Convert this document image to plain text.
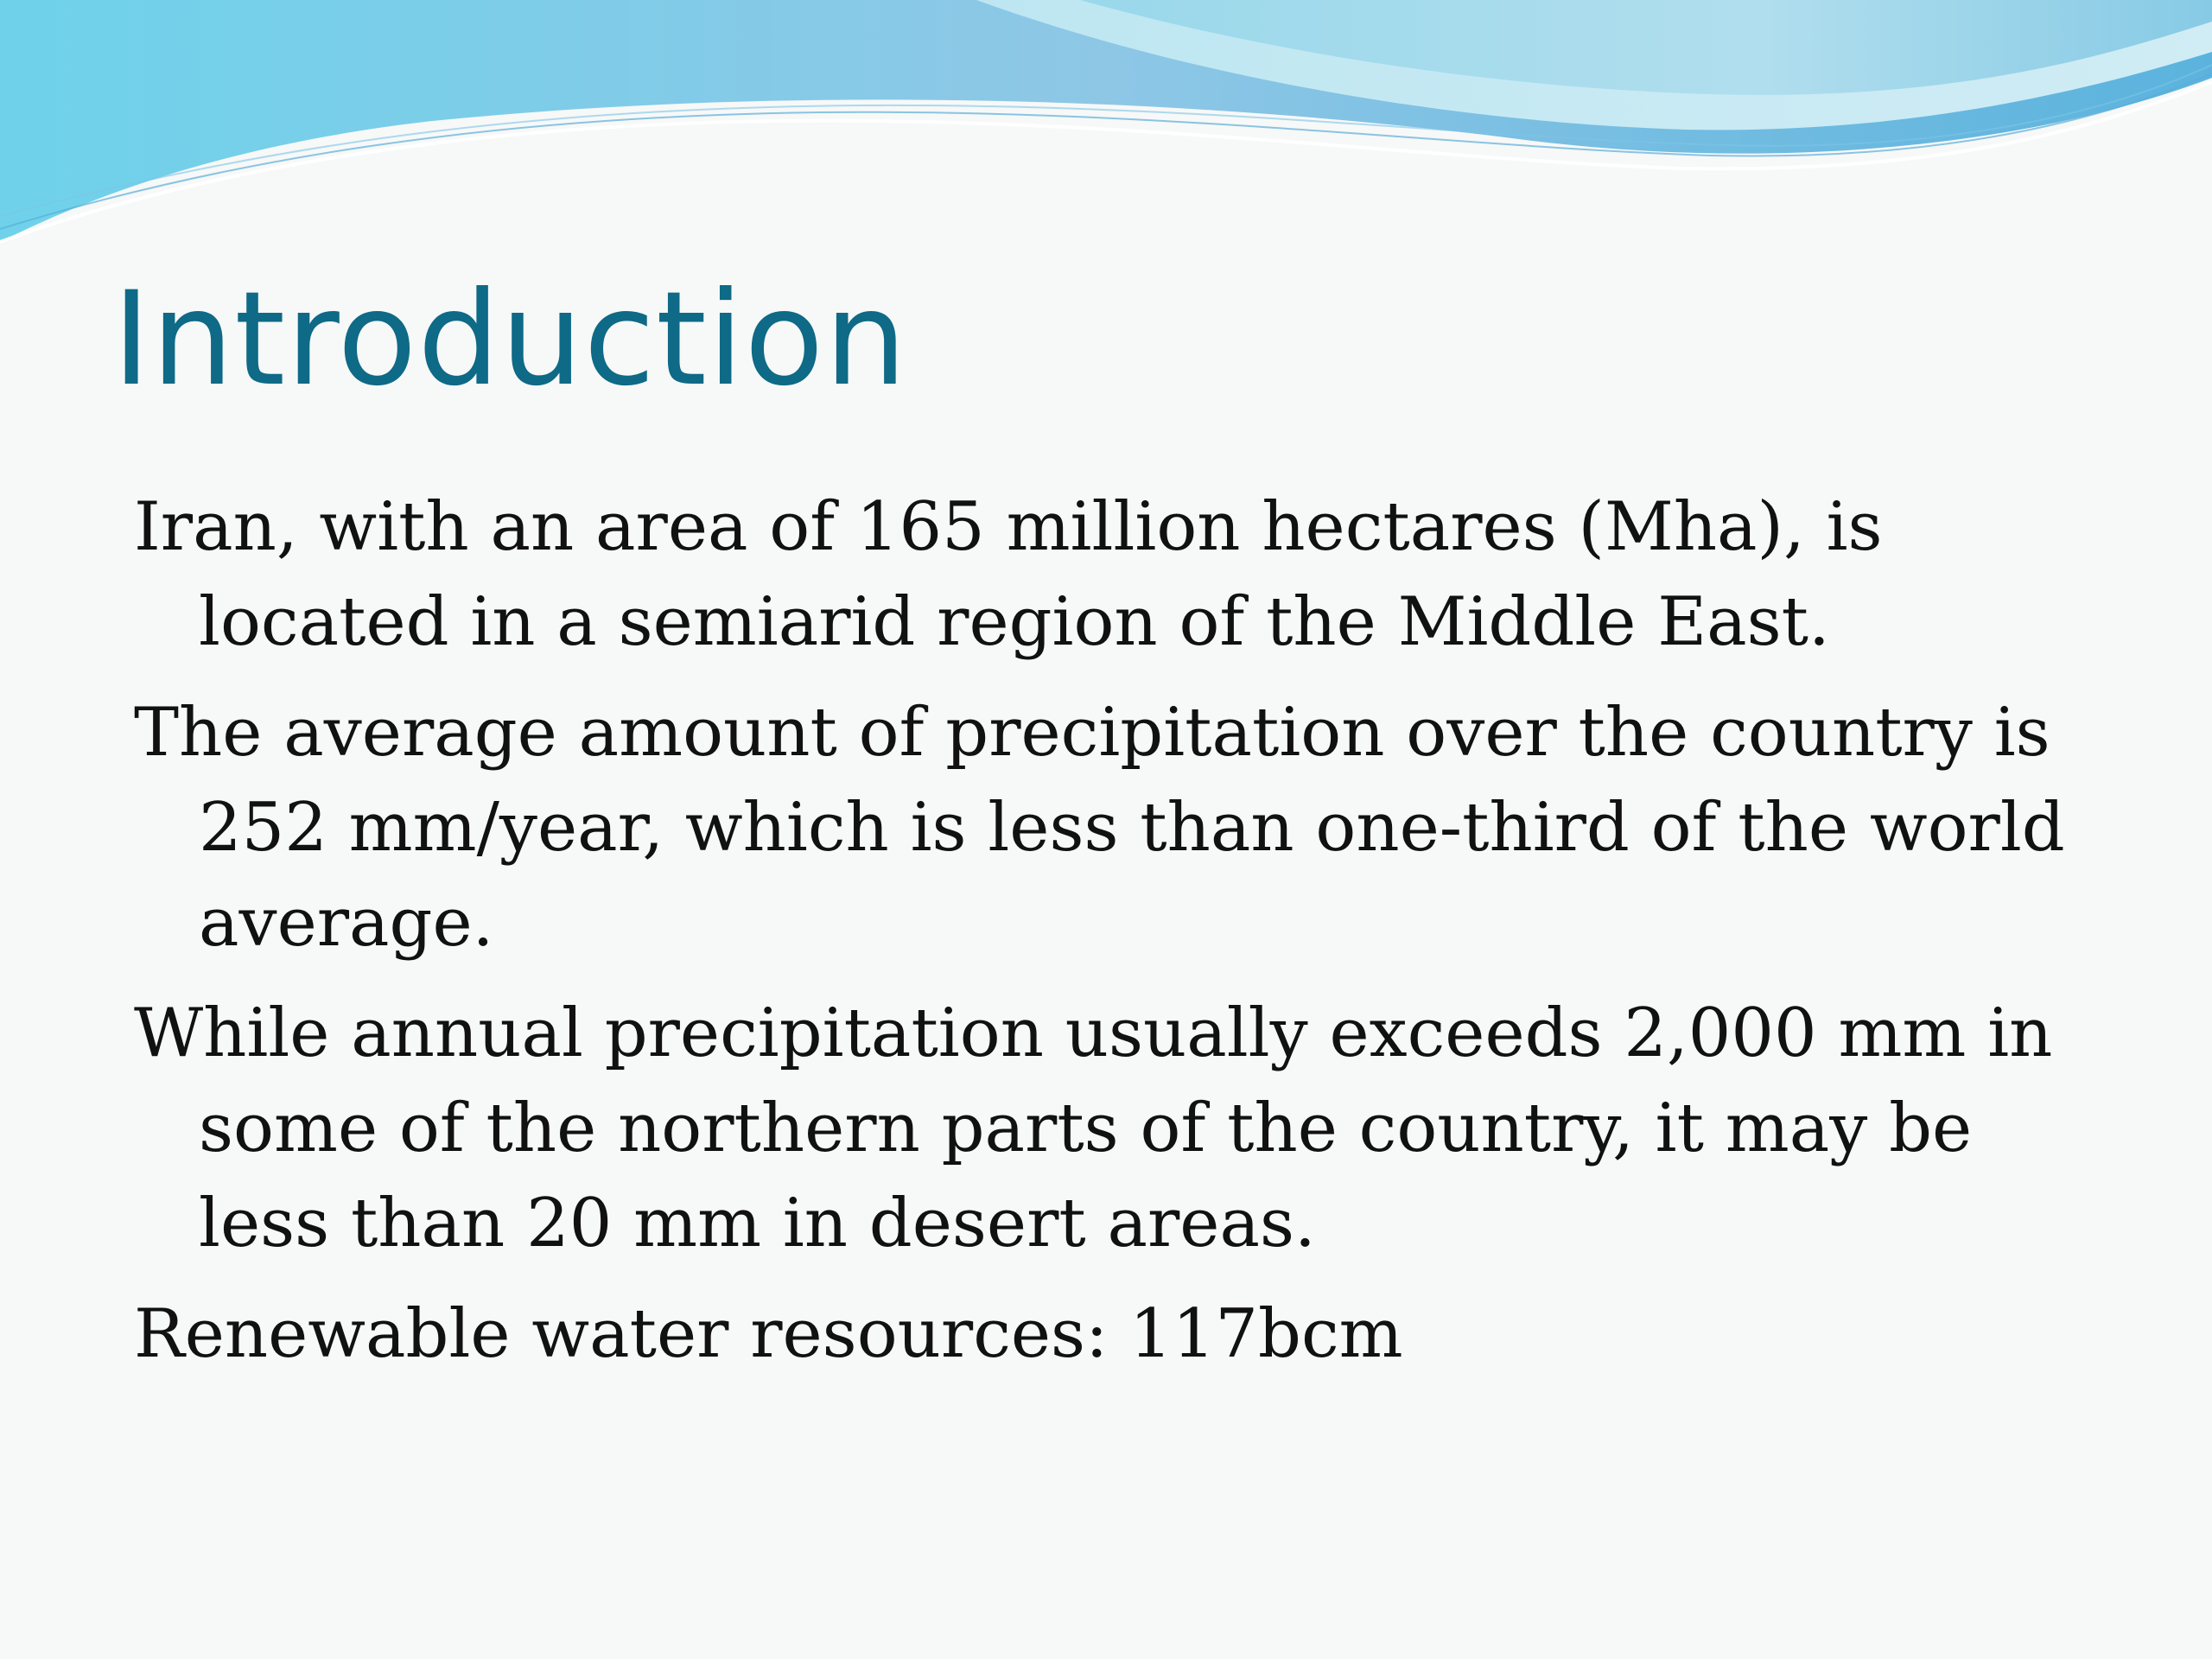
Introduction
Iran, with an area of 165 million hectares (Mha), is located in a semiarid region of the Middle East.
The average amount of precipitation over the country is 252 mm/year, which is less than one-third of the world average.
While annual precipitation usually exceeds 2,000 mm in some of the northern parts of the country, it may be less than 20 mm in desert areas.
Renewable water resources: 117bcm
